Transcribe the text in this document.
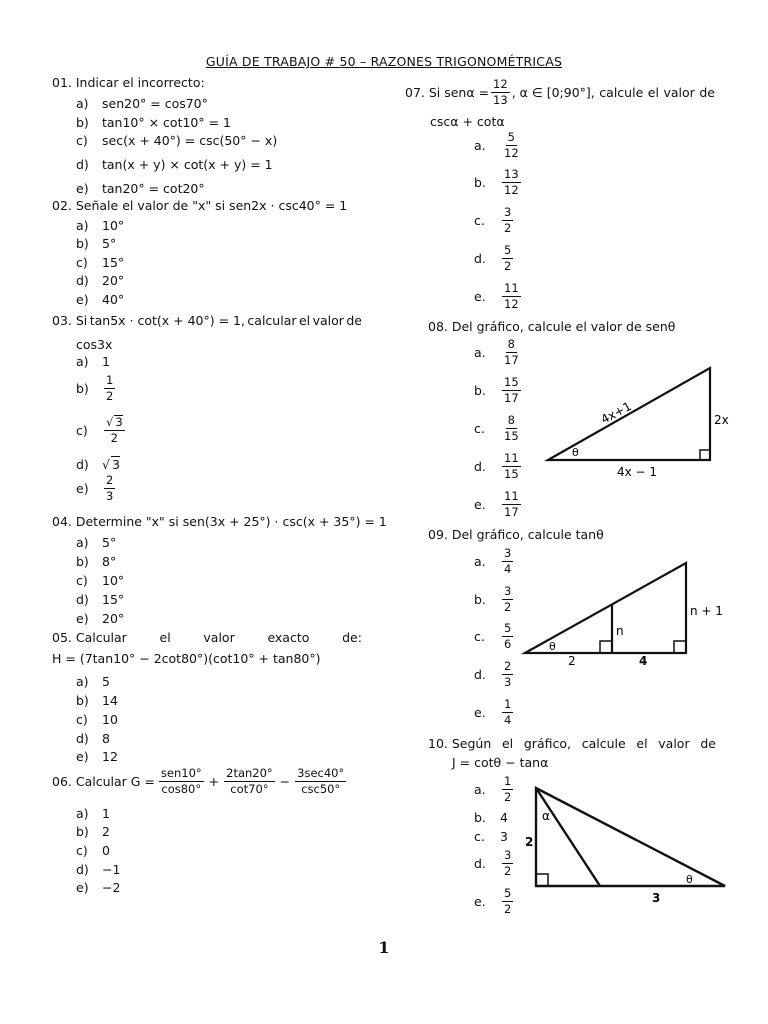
GUÍA DE TRABAJO # 50 – RAZONES TRIGONOMÉTRICAS
01. Indicar el incorrecto:
a)	sen20° = cos70°
b)	tan10° × cot10° = 1
c)	sec(x + 40°) = csc(50° − x)
d)	tan(x + y) × cot(x + y) = 1
e)	tan20° = cot20°
02. Señale el valor de "x" si sen2x · csc40° = 1
a)	10°
b)	5°
c)	15°
d)	20°
e)	40°
03. Si tan5x · cot(x + 40°) = 1, calcular el valor de
cos3x
a)	1
b)	$\frac{1}{2}$
c)	$\frac{√ 3}{2}$
d)	√ 3
e)	$\frac{2}{3}$
04. Determine "x" si sen(3x + 25°) · csc(x + 35°) = 1
a)	5°
b)	8°
c)	10°
d)	15°
e)	20°
05. Calcular	el	valor	exacto	de:
H = (7tan10° − 2cot80°)(cot10° + tan80°)
a)	5
b)	14
c)	10
d)	8
e)	12
06. Calcular $G = \frac{\text{sen10°}}{\cos 80^\circ} + \frac{2\tan 20^\circ}{\cot 70^\circ} - \frac{3\sec 40^\circ}{\csc 50^\circ}$
a)	1
b)	2
c)	0
d)	−1
e)	−2
07. Si $sen\alpha = \frac{12}{13}$ , α ∈ [0;90°], calcule el valor de
cscα + cotα
a.	$\frac{5}{12}$
b.	$\frac{13}{12}$
c.	$\frac{3}{2}$
d.	$\frac{5}{2}$
e.	$\frac{11}{12}$
08. Del gráfico, calcule el valor de senθ
a.	$\frac{8}{17}$
b.	$\frac{15}{17}$
c.	$\frac{8}{15}$
d.	$\frac{11}{15}$
e.	$\frac{11}{17}$
4x+1	2x
4x − 1
θ
09. Del gráfico, calcule tanθ
a.	$\frac{3}{4}$
b.	$\frac{3}{2}$
c.	$\frac{5}{6}$
d.	$\frac{2}{3}$
e.	$\frac{1}{4}$
n
n + 1
2	4
θ
10. Según el gráfico, calcule el valor de
J = cotθ − tanα
a.	$\frac{1}{2}$
b.	4
c.	3
d.	$\frac{3}{2}$
e.	$\frac{5}{2}$
2
3
α
θ
1
